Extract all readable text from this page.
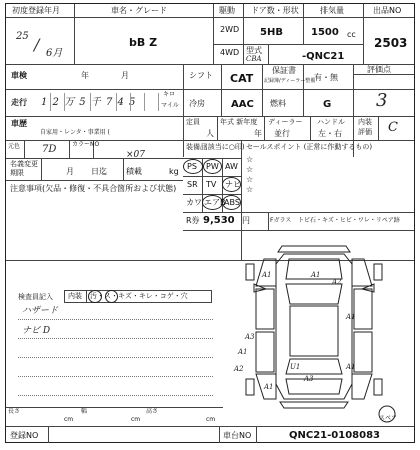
初度登録年月
25 / 6月
車名・グレード
bB Z
駆動
2WD
4WD
ドア数・形状
5HB
排気量
1500 cc
型式
CBA	-QNC21
出品NO
2503
車検	年	月	シフト CAT
保証書
記録簿/ディーラー整備
有・無
評価点
3
走行 1 2 万 5 千 7 4 5
キロ
マイル 冷房	AAC 燃料	G
車歴
自家用・レンタ・事業用 (
定員
人
年式 新年度
年
ディーラー
並行
ハンドル
左・右
内装
評価 C
元色 7D	カラーNO
×07
装備品
(該当に○印) セールスポイント (正常に作動するもの)
☆
☆
☆
☆
名義変更
期限	月 日迄 積載	kg
注意事項(欠品・修復・不具合箇所および状態)
PS PW AW
SR TV ナビ
カワ エアB
ABS
R券 9,530 円	Fガラス トビ石・キズ・ヒビ・ワレ・リペア跡
検査員記入 内装 汚・ス・キズ・キレ・コゲ・穴
ハザード
ナビ D
A1	A1
A2
A3
A1
U1	A1
A1
A2
A3
A1
スペア
長さ
cm
幅
cm
高さ
cm
登録NO	車台NO	QNC21-0108083
